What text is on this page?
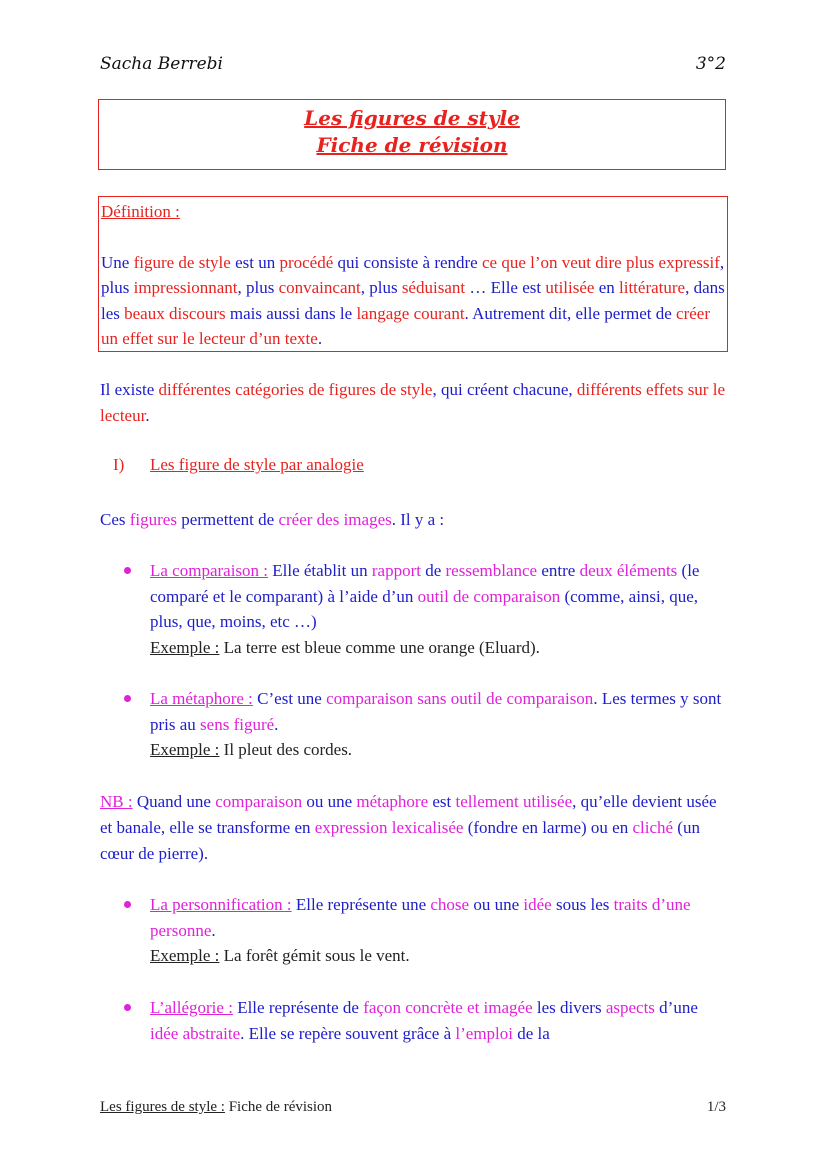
Sacha Berrebi	3°2
Les figures de style
Fiche de révision
Définition :
Une figure de style est un procédé qui consiste à rendre ce que l’on veut dire plus expressif, plus impressionnant, plus convaincant, plus séduisant … Elle est utilisée en littérature, dans les beaux discours mais aussi dans le langage courant. Autrement dit, elle permet de créer un effet sur le lecteur d’un texte.
Il existe différentes catégories de figures de style, qui créent chacune, différents effets sur le lecteur.
I) Les figure de style par analogie
Ces figures permettent de créer des images. Il y a :
La comparaison : Elle établit un rapport de ressemblance entre deux éléments (le comparé et le comparant) à l’aide d’un outil de comparaison (comme, ainsi, que, plus, que, moins, etc …)
Exemple : La terre est bleue comme une orange (Eluard).
La métaphore : C’est une comparaison sans outil de comparaison. Les termes y sont pris au sens figuré.
Exemple : Il pleut des cordes.
NB : Quand une comparaison ou une métaphore est tellement utilisée, qu’elle devient usée et banale, elle se transforme en expression lexicalisée (fondre en larme) ou en cliché (un cœur de pierre).
La personnification : Elle représente une chose ou une idée sous les traits d’une personne.
Exemple : La forêt gémit sous le vent.
L’allégorie : Elle représente de façon concrète et imagée les divers aspects d’une idée abstraite. Elle se repère souvent grâce à l’emploi de la
Les figures de style : Fiche de révision	1/3
